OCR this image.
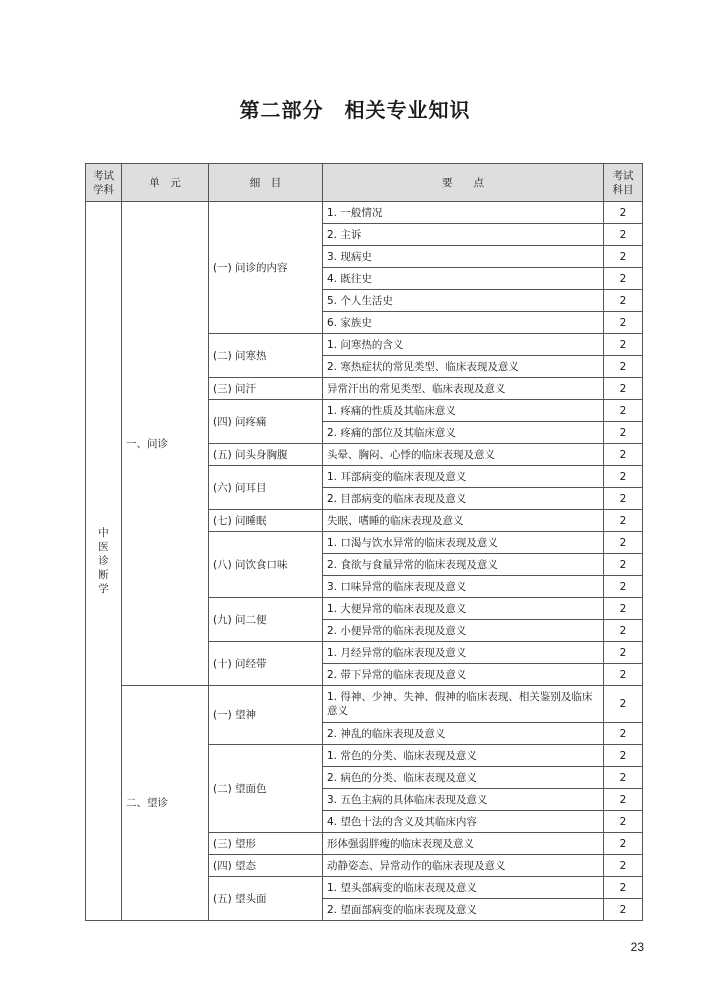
第二部分　相关专业知识
考试学科	单　元	细　目	要　　点	考试科目
中医诊断学	一、问诊	(一) 问诊的内容	1. 一般情况	2
			2. 主诉	2
			3. 现病史	2
			4. 既往史	2
			5. 个人生活史	2
			6. 家族史	2
		(二) 问寒热	1. 问寒热的含义	2
			2. 寒热症状的常见类型、临床表现及意义	2
		(三) 问汗	异常汗出的常见类型、临床表现及意义	2
		(四) 问疼痛	1. 疼痛的性质及其临床意义	2
			2. 疼痛的部位及其临床意义	2
		(五) 问头身胸腹	头晕、胸闷、心悸的临床表现及意义	2
		(六) 问耳目	1. 耳部病变的临床表现及意义	2
			2. 目部病变的临床表现及意义	2
		(七) 问睡眠	失眠、嗜睡的临床表现及意义	2
		(八) 问饮食口味	1. 口渴与饮水异常的临床表现及意义	2
			2. 食欲与食量异常的临床表现及意义	2
			3. 口味异常的临床表现及意义	2
		(九) 问二便	1. 大便异常的临床表现及意义	2
			2. 小便异常的临床表现及意义	2
		(十) 问经带	1. 月经异常的临床表现及意义	2
			2. 带下异常的临床表现及意义	2
	二、望诊	(一) 望神	1. 得神、少神、失神、假神的临床表现、相关鉴别及临床意义	2
			2. 神乱的临床表现及意义	2
		(二) 望面色	1. 常色的分类、临床表现及意义	2
			2. 病色的分类、临床表现及意义	2
			3. 五色主病的具体临床表现及意义	2
			4. 望色十法的含义及其临床内容	2
		(三) 望形	形体强弱胖瘦的临床表现及意义	2
		(四) 望态	动静姿态、异常动作的临床表现及意义	2
		(五) 望头面	1. 望头部病变的临床表现及意义	2
			2. 望面部病变的临床表现及意义	2
23
